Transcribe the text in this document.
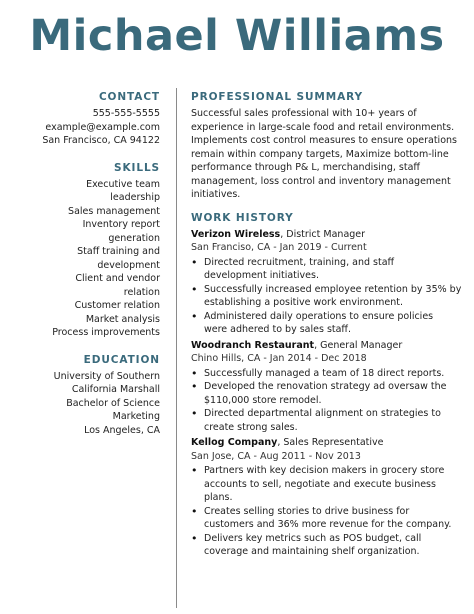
Michael Williams
CONTACT
555-555-5555
example@example.com
San Francisco, CA 94122
SKILLS
Executive team
leadership
Sales management
Inventory report
generation
Staff training and
development
Client and vendor
relation
Customer relation
Market analysis
Process improvements
EDUCATION
University of Southern
California Marshall
Bachelor of Science
Marketing
Los Angeles, CA
PROFESSIONAL SUMMARY
Successful sales professional with 10+ years of
experience in large-scale food and retail environments.
Implements cost control measures to ensure operations
remain within company targets, Maximize bottom-line
performance through P& L, merchandising, staff
management, loss control and inventory management
initiatives.
WORK HISTORY
Verizon Wireless, District Manager
San Franciso, CA - Jan 2019 - Current
• Directed recruitment, training, and staff
development initiatives.
• Successfully increased employee retention by 35% by
establishing a positive work environment.
• Administered daily operations to ensure policies
were adhered to by sales staff.
Woodranch Restaurant, General Manager
Chino Hills, CA - Jan 2014 - Dec 2018
• Successfully managed a team of 18 direct reports.
• Developed the renovation strategy ad oversaw the
$110,000 store remodel.
• Directed departmental alignment on strategies to
create strong sales.
Kellog Company, Sales Representative
San Jose, CA - Aug 2011 - Nov 2013
• Partners with key decision makers in grocery store
accounts to sell, negotiate and execute business
plans.
• Creates selling stories to drive business for
customers and 36% more revenue for the company.
• Delivers key metrics such as POS budget, call
coverage and maintaining shelf organization.
